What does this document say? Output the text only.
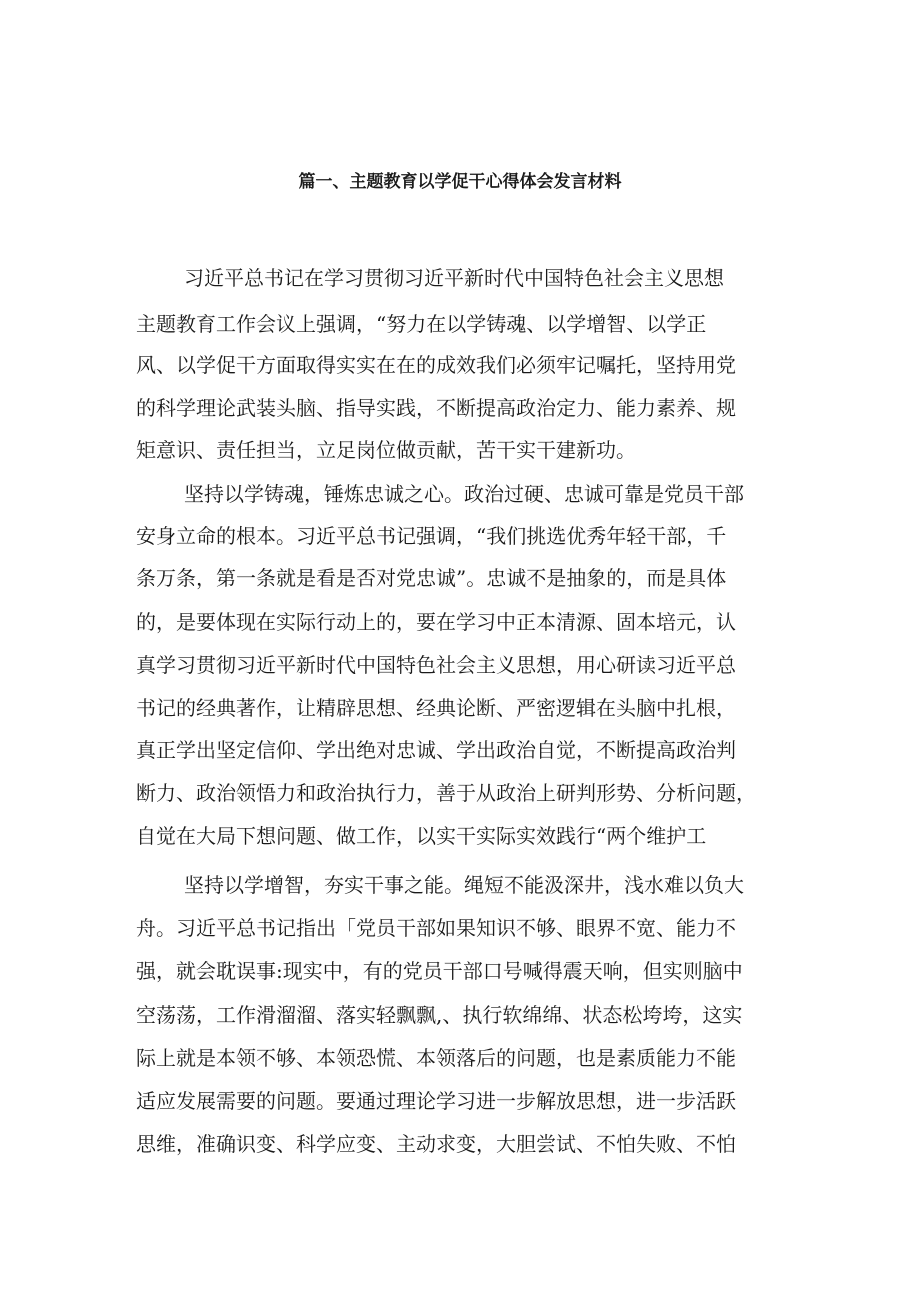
篇一、主题教育以学促干心得体会发言材料
习近平总书记在学习贯彻习近平新时代中国特色社会主义思想
主题教育工作会议上强调，“努力在以学铸魂、以学增智、以学正
风、以学促干方面取得实实在在的成效我们必须牢记嘱托，坚持用党
的科学理论武装头脑、指导实践，不断提高政治定力、能力素养、规
矩意识、责任担当，立足岗位做贡献，苦干实干建新功。
坚持以学铸魂，锤炼忠诚之心。政治过硬、忠诚可靠是党员干部
安身立命的根本。习近平总书记强调，“我们挑选优秀年轻干部，千
条万条，第一条就是看是否对党忠诚”。忠诚不是抽象的，而是具体
的，是要体现在实际行动上的，要在学习中正本清源、固本培元，认
真学习贯彻习近平新时代中国特色社会主义思想，用心研读习近平总
书记的经典著作，让精辟思想、经典论断、严密逻辑在头脑中扎根，
真正学出坚定信仰、学出绝对忠诚、学出政治自觉，不断提高政治判
断力、政治领悟力和政治执行力，善于从政治上研判形势、分析问题，
自觉在大局下想问题、做工作，以实干实际实效践行“两个维护工
坚持以学增智，夯实干事之能。绳短不能汲深井，浅水难以负大
舟。习近平总书记指出「党员干部如果知识不够、眼界不宽、能力不
强，就会耽误事:现实中，有的党员干部口号喊得震天响，但实则脑中
空荡荡，工作滑溜溜、落实轻飘飘,、执行软绵绵、状态松垮垮，这实
际上就是本领不够、本领恐慌、本领落后的问题，也是素质能力不能
适应发展需要的问题。要通过理论学习进一步解放思想，进一步活跃
思维，准确识变、科学应变、主动求变，大胆尝试、不怕失败、不怕
